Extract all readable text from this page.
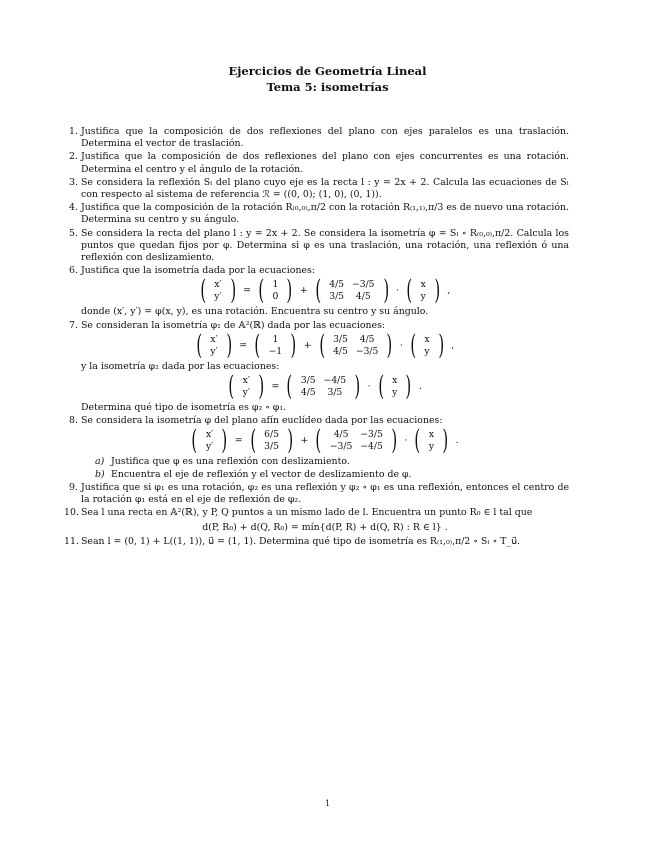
Ejercicios de Geometría Lineal
Tema 5: isometrías
1. Justifica que la composición de dos reflexiones del plano con ejes paralelos es una traslación. Determina el vector de traslación.
2. Justifica que la composición de dos reflexiones del plano con ejes concurrentes es una rotación. Determina el centro y el ángulo de la rotación.
3. Se considera la reflexión Sₗ del plano cuyo eje es la recta l : y = 2x + 2. Calcula las ecuaciones de Sₗ con respecto al sistema de referencia ℛ = ((0, 0); (1, 0), (0, 1)).
4. Justifica que la composición de la rotación R₍₀,₀₎,π/2 con la rotación R₍₁,₁₎,π/3 es de nuevo una rotación. Determina su centro y su ángulo.
5. Se considera la recta del plano l : y = 2x + 2. Se considera la isometría φ = Sₗ ∘ R₍₀,₀₎,π/2. Calcula los puntos que quedan fijos por φ. Determina si φ es una traslación, una rotación, una reflexión ó una reflexión con deslizamiento.
6. Justifica que la isometría dada por la ecuaciones:
( x′
y′ ) = ( 1
0 ) + ( 4/5	−3/5
3/5	4/5 ) · ( x
y ) ,
donde (x′, y′) = φ(x, y), es una rotación. Encuentra su centro y su ángulo.
7. Se consideran la isometría φ₁ de 𝔸²(ℝ) dada por las ecuaciones:
( x′
y′ ) = ( 1
−1 ) + ( 3/5	4/5
4/5	−3/5 ) · ( x
y ) ,
y la isometría φ₂ dada por las ecuaciones:
( x′
y′ ) = ( 3/5	−4/5
4/5	3/5 ) · ( x
y ) .
Determina qué tipo de isometría es φ₂ ∘ φ₁.
8. Se considera la isometría φ del plano afín euclídeo dada por las ecuaciones:
( x′
y′ ) = ( 6/5
3/5 ) + ( 4/5	−3/5
−3/5	−4/5 ) · ( x
y ) .
a) Justifica que φ es una reflexión con deslizamiento.
b) Encuentra el eje de reflexión y el vector de deslizamiento de φ.
9. Justifica que si φ₁ es una rotación, φ₂ es una reflexión y φ₂ ∘ φ₁ es una reflexión, entonces el centro de la rotación φ₁ está en el eje de reflexión de φ₂.
10. Sea l una recta en 𝔸²(ℝ), y P, Q puntos a un mismo lado de l. Encuentra un punto R₀ ∈ l tal que
d(P, R₀) + d(Q, R₀) = mín{d(P, R) + d(Q, R) : R ∈ l} .
11. Sean l = (0, 1) + L((1, 1)), u⃗ = (1, 1). Determina qué tipo de isometría es R₍₁,₀₎,π/2 ∘ Sₗ ∘ T_u⃗.
1
